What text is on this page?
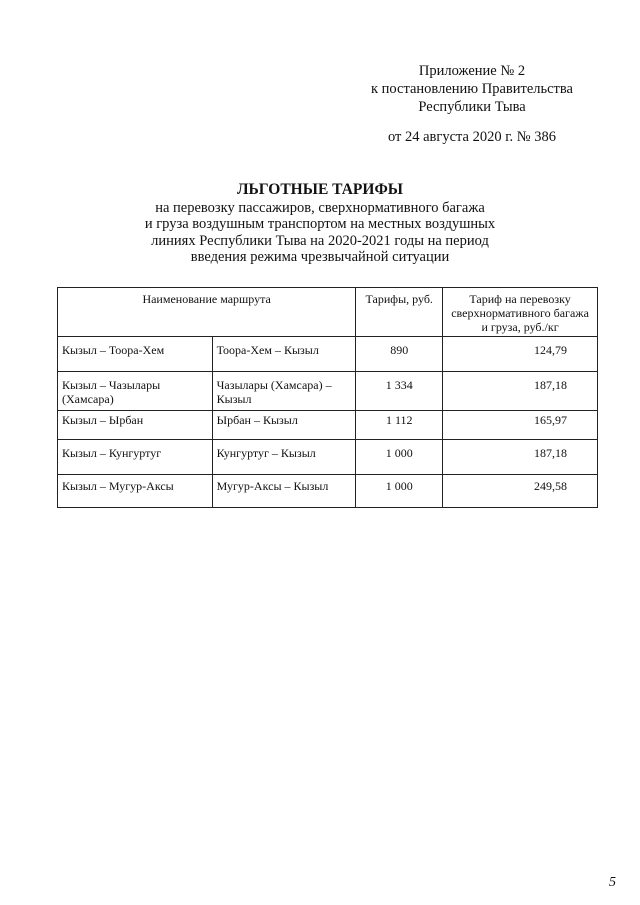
Приложение № 2
к постановлению Правительства
Республики Тыва
от 24 августа 2020 г. № 386
ЛЬГОТНЫЕ ТАРИФЫ
на перевозку пассажиров, сверхнормативного багажа
и груза воздушным транспортом на местных воздушных
линиях Республики Тыва на 2020-2021 годы на период
введения режима чрезвычайной ситуации
Наименование маршрута		Тарифы, руб.	Тариф на перевозку сверхнормативного багажа и груза, руб./кг
Кызыл – Тоора-Хем	Тоора-Хем – Кызыл	890	124,79
Кызыл – Чазылары (Хамсара)	Чазылары (Хамсара) – Кызыл	1 334	187,18
Кызыл – Ырбан	Ырбан – Кызыл	1 112	165,97
Кызыл – Кунгуртуг	Кунгуртуг – Кызыл	1 000	187,18
Кызыл – Мугур-Аксы	Мугур-Аксы – Кызыл	1 000	249,58
5
